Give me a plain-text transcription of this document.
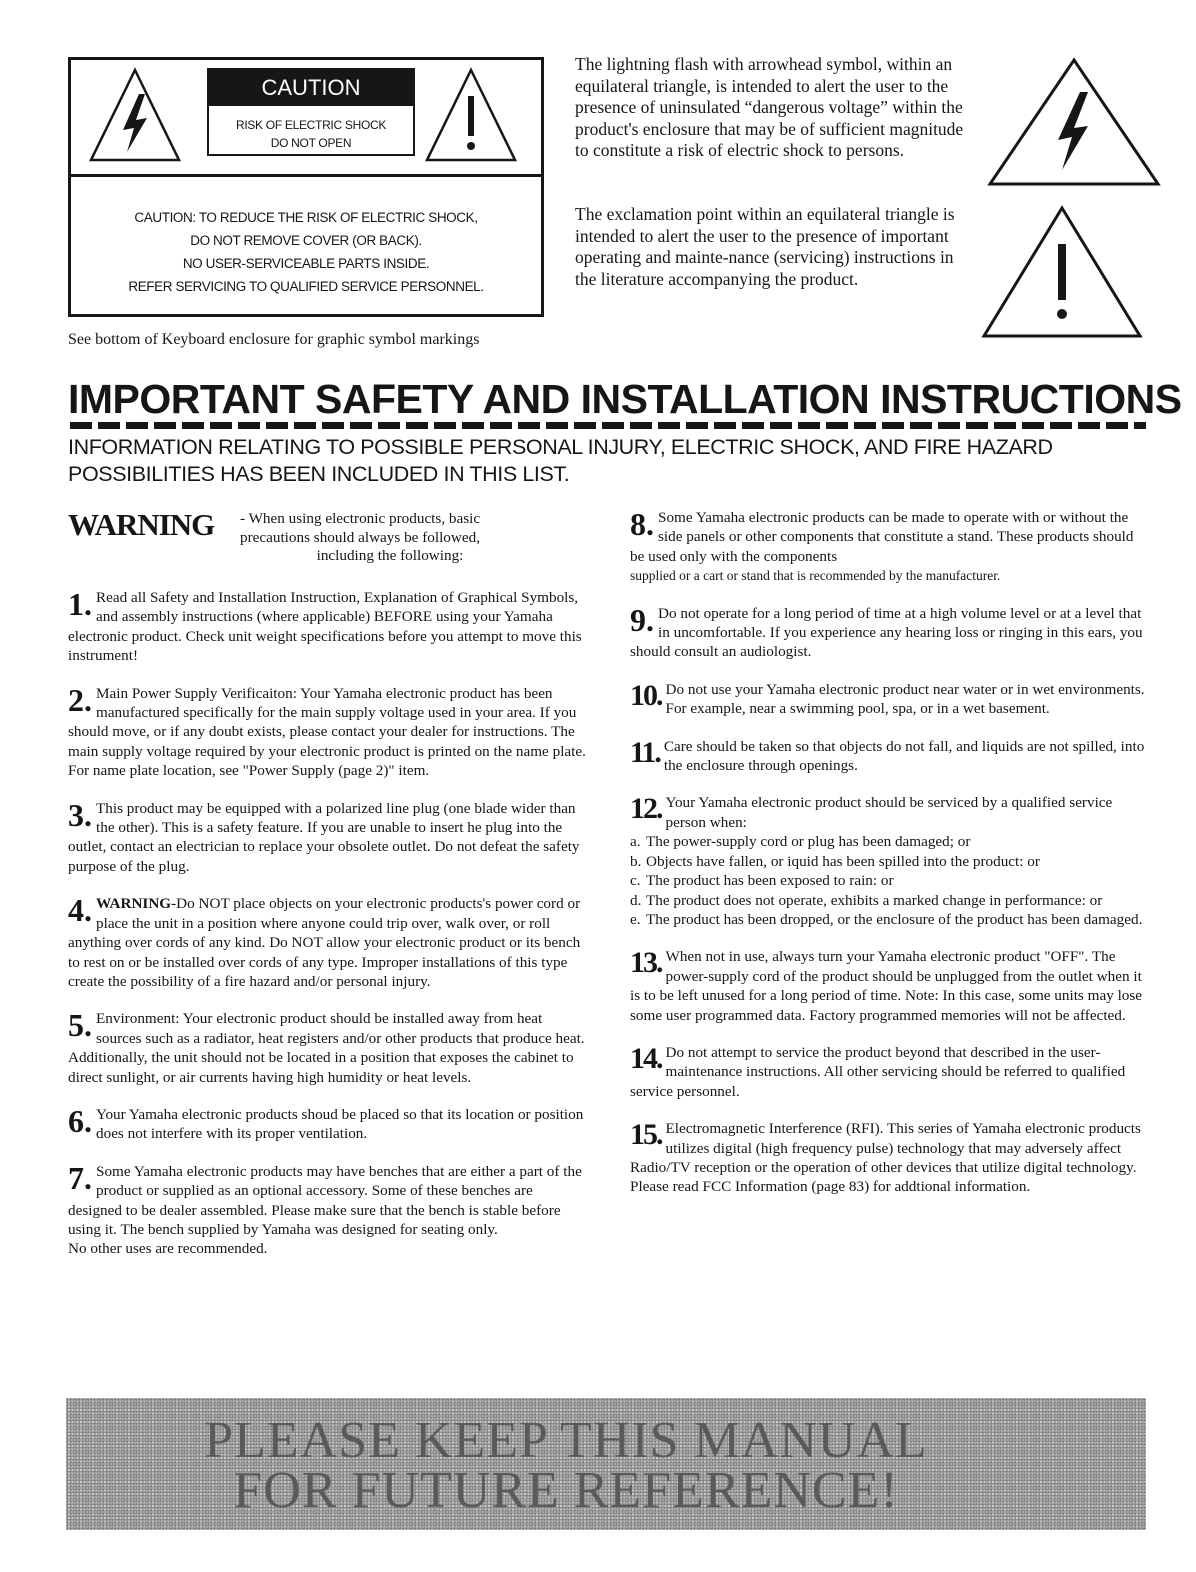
CAUTION
RISK OF ELECTRIC SHOCK
DO NOT OPEN
CAUTION: TO REDUCE THE RISK OF ELECTRIC SHOCK,
DO NOT REMOVE COVER (OR BACK).
NO USER-SERVICEABLE PARTS INSIDE.
REFER SERVICING TO QUALIFIED SERVICE PERSONNEL.
See bottom of Keyboard enclosure for graphic symbol markings
The lightning flash with arrowhead symbol, within an equilateral triangle, is intended to alert the user to the presence of uninsulated “dangerous voltage” within the product's enclosure that may be of sufficient magnitude to constitute a risk of electric shock to persons.
The exclamation point within an equilateral triangle is intended to alert the user to the presence of important operating and mainte-nance (servicing) instructions in the literature accompanying the product.
IMPORTANT SAFETY AND INSTALLATION INSTRUCTIONS
INFORMATION RELATING TO POSSIBLE PERSONAL INJURY, ELECTRIC SHOCK, AND FIRE HAZARD POSSIBILITIES HAS BEEN INCLUDED IN THIS LIST.
WARNING - When using electronic products, basic
precautions should always be followed,

including the following:
1. Read all Safety and Installation Instruction, Explanation of Graphical Symbols, and assembly instructions (where applicable) BEFORE using your Yamaha electronic product. Check unit weight specifications before you attempt to move this instrument!
2. Main Power Supply Verificaiton: Your Yamaha electronic product has been manufactured specifically for the main supply voltage used in your area. If you should move, or if any doubt exists, please contact your dealer for instructions. The main supply voltage required by your electronic product is printed on the name plate. For name plate location, see "Power Supply (page 2)" item.
3. This product may be equipped with a polarized line plug (one blade wider than the other). This is a safety feature. If you are unable to insert he plug into the outlet, contact an electrician to replace your obsolete outlet. Do not defeat the safety purpose of the plug.
4. WARNING-Do NOT place objects on your electronic products's power cord or place the unit in a position where anyone could trip over, walk over, or roll anything over cords of any kind. Do NOT allow your electronic product or its bench to rest on or be installed over cords of any type. Improper installations of this type create the possibility of a fire hazard and/or personal injury.
5. Environment: Your electronic product should be installed away from heat sources such as a radiator, heat registers and/or other products that produce heat. Additionally, the unit should not be located in a position that exposes the cabinet to direct sunlight, or air currents having high humidity or heat levels.
6. Your Yamaha electronic products shoud be placed so that its location or position does not interfere with its proper ventilation.
7. Some Yamaha electronic products may have benches that are either a part of the product or supplied as an optional accessory. Some of these benches are designed to be dealer assembled. Please make sure that the bench is stable before using it. The bench supplied by Yamaha was designed for seating only.
No other uses are recommended.
8. Some Yamaha electronic products can be made to operate with or without the side panels or other components that constitute a stand. These products should be used only with the components
supplied or a cart or stand that is recommended by the manufacturer.
9. Do not operate for a long period of time at a high volume level or at a level that in uncomfortable. If you experience any hearing loss or ringing in this ears, you should consult an audiologist.
10. Do not use your Yamaha electronic product near water or in wet environments. For example, near a swimming pool, spa, or in a wet basement.
11. Care should be taken so that objects do not fall, and liquids are not spilled, into the enclosure through openings.
12. Your Yamaha electronic product should be serviced by a qualified service person when:
a. The power-supply cord or plug has been damaged; or
b. Objects have fallen, or iquid has been spilled into the product: or
c. The product has been exposed to rain: or
d. The product does not operate, exhibits a marked change in performance: or
e. The product has been dropped, or the enclosure of the product has been damaged.
13. When not in use, always turn your Yamaha electronic product "OFF". The power-supply cord of the product should be unplugged from the outlet when it is to be left unused for a long period of time. Note: In this case, some units may lose some user programmed data. Factory programmed memories will not be affected.
14. Do not attempt to service the product beyond that described in the user-maintenance instructions. All other servicing should be referred to qualified service personnel.
15. Electromagnetic Interference (RFI). This series of Yamaha electronic products utilizes digital (high frequency pulse) technology that may adversely affect Radio/TV reception or the operation of other devices that utilize digital technology. Please read FCC Information (page 83) for addtional information.
PLEASE KEEP THIS MANUAL
FOR FUTURE REFERENCE!
